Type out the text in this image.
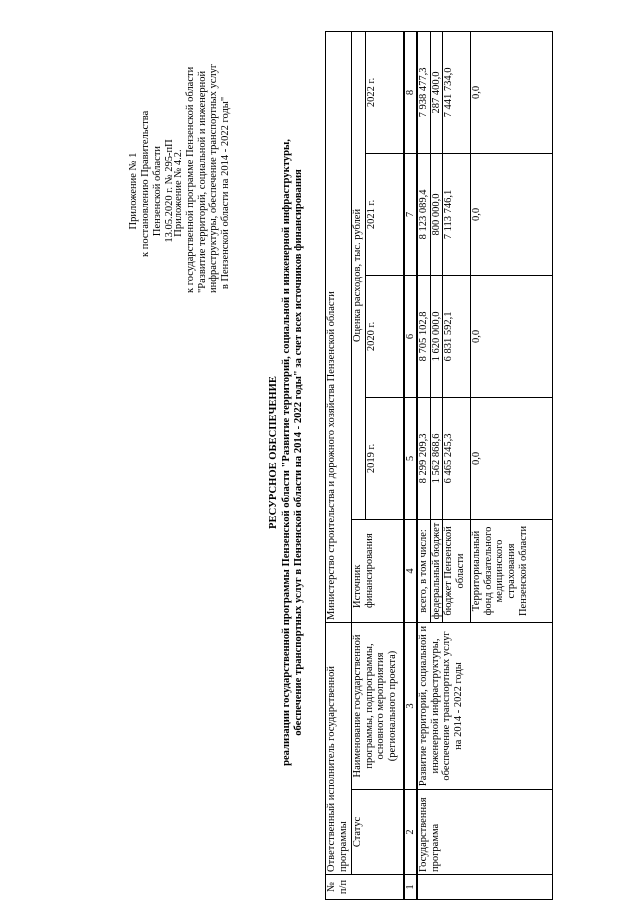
Приложение № 1 к постановлению Правительства Пензенской области 13.05.2020 г. № 295-пП
Приложение № 4.2. к государственной программе Пензенской области "Развитие территорий, социальной и инженерной инфраструктуры, обеспечение транспортных услуг в Пензенской области на 2014 - 2022 годы"
РЕСУРСНОЕ ОБЕСПЕЧЕНИЕ реализации государственной программы Пензенской области "Развитие территорий, социальной и инженерной инфраструктуры, обеспечение транспортных услуг в Пензенской области на 2014 - 2022 годы" за счет всех источников финансирования
№ п/п	Ответственный исполнитель государственной программы		Министерство строительства и дорожного хозяйства Пензенской области				
	Статус	Наименование государственной программы, подпрограммы, основного мероприятия (регионального проекта)	Источник финансирования	Оценка расходов, тыс. рублей			
				2019 г.	2020 г.	2021 г.	2022 г.
1	2	3	4	5	6	7	8
	Государственная программа	Развитие территорий, социальной и инженерной инфраструктуры, обеспечение транспортных услуг на 2014 - 2022 годы	всего, в том числе:	8 299 209,3	8 705 102,8	8 123 089,4	7 938 477,3
			федеральный бюджет	1 562 868,6	1 620 000,0	800 000,0	287 400,0
			бюджет Пензенской области	6 465 245,3	6 831 592,1	7 113 746,1	7 441 734,0
			Территориальный фонд обязательного медицинского страхования Пензенской области	0,0	0,0	0,0	0,0
